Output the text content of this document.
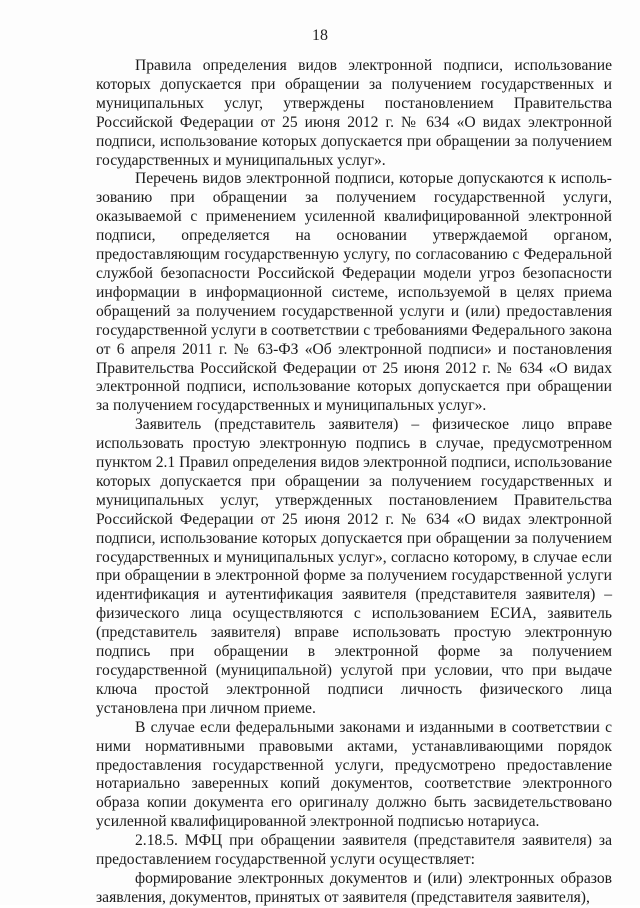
18

Правила определения видов электронной подписи, использование которых допускается при обращении за получением государственных и муниципальных услуг, утверждены постановлением Правительства Российской Федерации от 25 июня 2012 г. № 634 «О видах электронной подписи, использование которых допускается при обращении за получением государственных и муниципальных услуг».

Перечень видов электронной подписи, которые допускаются к использованию при обращении за получением государственной услуги, оказываемой с применением усиленной квалифицированной электронной подписи, определяется на основании утверждаемой органом, предоставляющим государственную услугу, по согласованию с Федеральной службой безопасности Российской Федерации модели угроз безопасности информации в информационной системе, используемой в целях приема обращений за получением государственной услуги и (или) предоставления государственной услуги в соответствии с требованиями Федерального закона от 6 апреля 2011 г. № 63-ФЗ «Об электронной подписи» и постановления Правительства Российской Федерации от 25 июня 2012 г. № 634 «О видах электронной подписи, использование которых допускается при обращении за получением государственных и муниципальных услуг».

Заявитель (представитель заявителя) – физическое лицо вправе использовать простую электронную подпись в случае, предусмотренном пунктом 2.1 Правил определения видов электронной подписи, использование которых допускается при обращении за получением государственных и муниципальных услуг, утвержденных постановлением Правительства Российской Федерации от 25 июня 2012 г. № 634 «О видах электронной подписи, использование которых допускается при обращении за получением государственных и муниципальных услуг», согласно которому, в случае если при обращении в электронной форме за получением государственной услуги идентификация и аутентификация заявителя (представителя заявителя) – физического лица осуществляются с использованием ЕСИА, заявитель (представитель заявителя) вправе использовать простую электронную подпись при обращении в электронной форме за получением государственной (муниципальной) услугой при условии, что при выдаче ключа простой электронной подписи личность физического лица установлена при личном приеме.

В случае если федеральными законами и изданными в соответствии с ними нормативными правовыми актами, устанавливающими порядок предоставления государственной услуги, предусмотрено предоставление нотариально заверенных копий документов, соответствие электронного образа копии документа его оригиналу должно быть засвидетельствовано усиленной квалифицированной электронной подписью нотариуса.

2.18.5. МФЦ при обращении заявителя (представителя заявителя) за предоставлением государственной услуги осуществляет:

формирование электронных документов и (или) электронных образов заявления, документов, принятых от заявителя (представителя заявителя),
